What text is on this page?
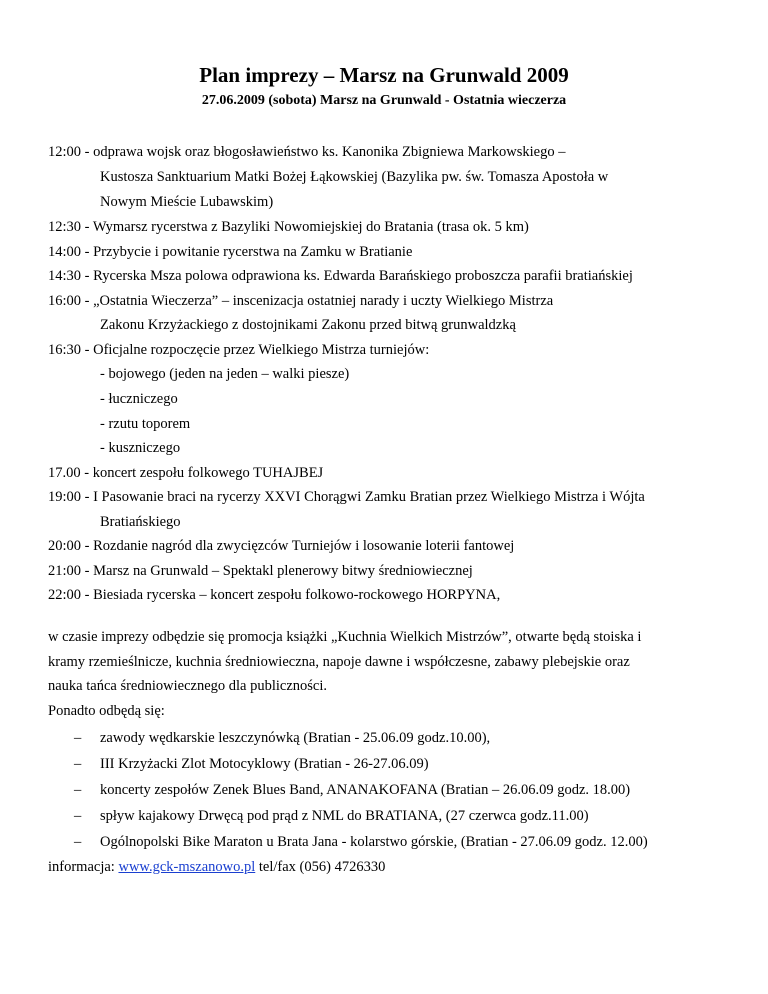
Plan imprezy – Marsz na Grunwald 2009
27.06.2009 (sobota) Marsz na Grunwald - Ostatnia wieczerza
12:00 - odprawa wojsk oraz błogosławieństwo ks. Kanonika Zbigniewa Markowskiego –
Kustosza Sanktuarium Matki Bożej Łąkowskiej (Bazylika pw. św. Tomasza Apostoła w
Nowym Mieście Lubawskim)
12:30 - Wymarsz rycerstwa z Bazyliki Nowomiejskiej do Bratania (trasa ok. 5 km)
14:00 - Przybycie i powitanie rycerstwa na Zamku w Bratianie
14:30 - Rycerska Msza polowa odprawiona ks. Edwarda Barańskiego proboszcza parafii bratiańskiej
16:00 - „Ostatnia Wieczerza” – inscenizacja ostatniej narady i uczty Wielkiego Mistrza
Zakonu Krzyżackiego z dostojnikami Zakonu przed bitwą grunwaldzką
16:30 - Oficjalne rozpoczęcie przez Wielkiego Mistrza turniejów:
- bojowego (jeden na jeden – walki piesze)
- łuczniczego
- rzutu toporem
- kuszniczego
17.00 - koncert zespołu folkowego TUHAJBEJ
19:00 - I Pasowanie braci na rycerzy XXVI Chorągwi Zamku Bratian przez Wielkiego Mistrza i Wójta
Bratiańskiego
20:00 - Rozdanie nagród dla zwycięzców Turniejów i losowanie loterii fantowej
21:00 - Marsz na Grunwald – Spektakl plenerowy bitwy średniowiecznej
22:00 - Biesiada rycerska – koncert zespołu folkowo-rockowego HORPYNA,
w czasie imprezy odbędzie się promocja książki „Kuchnia Wielkich Mistrzów”, otwarte będą stoiska i
kramy rzemieślnicze, kuchnia średniowieczna, napoje dawne i współczesne, zabawy plebejskie oraz
nauka tańca średniowiecznego dla publiczności.
Ponadto odbędą się:
– zawody wędkarskie leszczynówką (Bratian - 25.06.09 godz.10.00),
– III Krzyżacki Zlot Motocyklowy (Bratian - 26-27.06.09)
– koncerty zespołów Zenek Blues Band, ANANAKOFANA (Bratian – 26.06.09 godz. 18.00)
– spływ kajakowy Drwęcą pod prąd z NML do BRATIANA, (27 czerwca godz.11.00)
– Ogólnopolski Bike Maraton u Brata Jana - kolarstwo górskie, (Bratian - 27.06.09 godz. 12.00)
informacja: www.gck-mszanowo.pl tel/fax (056) 4726330
